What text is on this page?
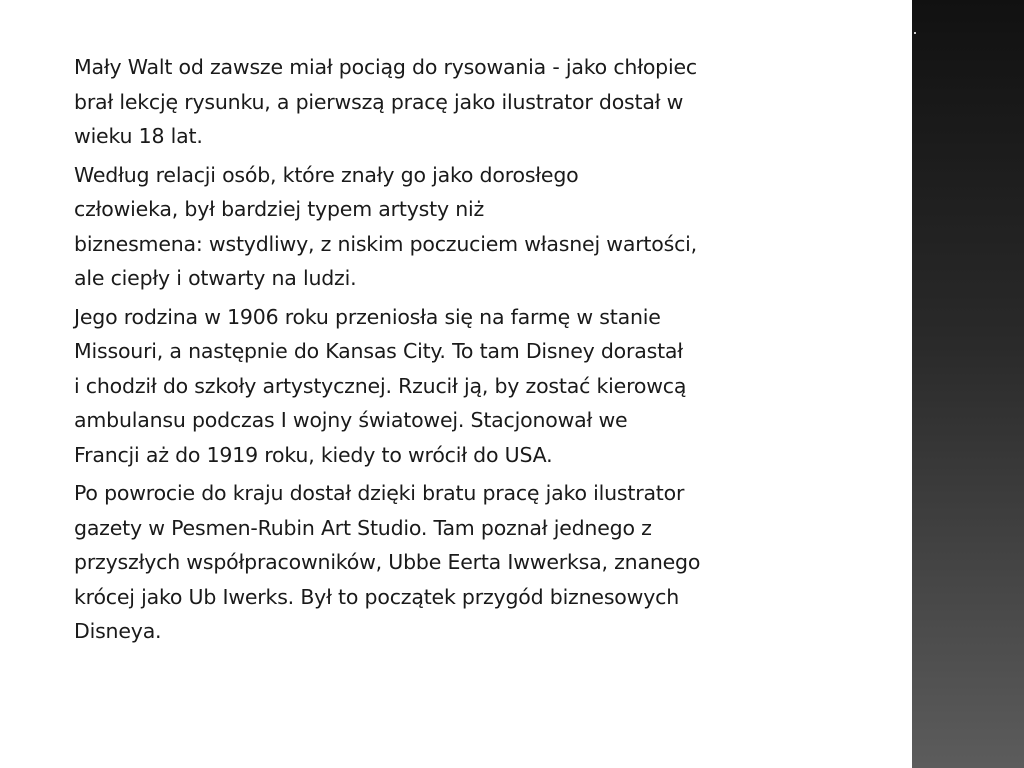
Mały Walt od zawsze miał pociąg do rysowania - jako chłopiec
brał lekcję rysunku, a pierwszą pracę jako ilustrator dostał w
wieku 18 lat.

Według relacji osób, które znały go jako dorosłego
człowieka, był bardziej typem artysty niż
biznesmena: wstydliwy, z niskim poczuciem własnej wartości,
ale ciepły i otwarty na ludzi.

Jego rodzina w 1906 roku przeniosła się na farmę w stanie
Missouri, a następnie do Kansas City. To tam Disney dorastał
i chodził do szkoły artystycznej. Rzucił ją, by zostać kierowcą
ambulansu podczas I wojny światowej. Stacjonował we
Francji aż do 1919 roku, kiedy to wrócił do USA.

Po powrocie do kraju dostał dzięki bratu pracę jako ilustrator
gazety w Pesmen-Rubin Art Studio. Tam poznał jednego z
przyszłych współpracowników, Ubbe Eerta Iwwerksa, znanego
krócej jako Ub Iwerks. Był to początek przygód biznesowych
Disneya.
